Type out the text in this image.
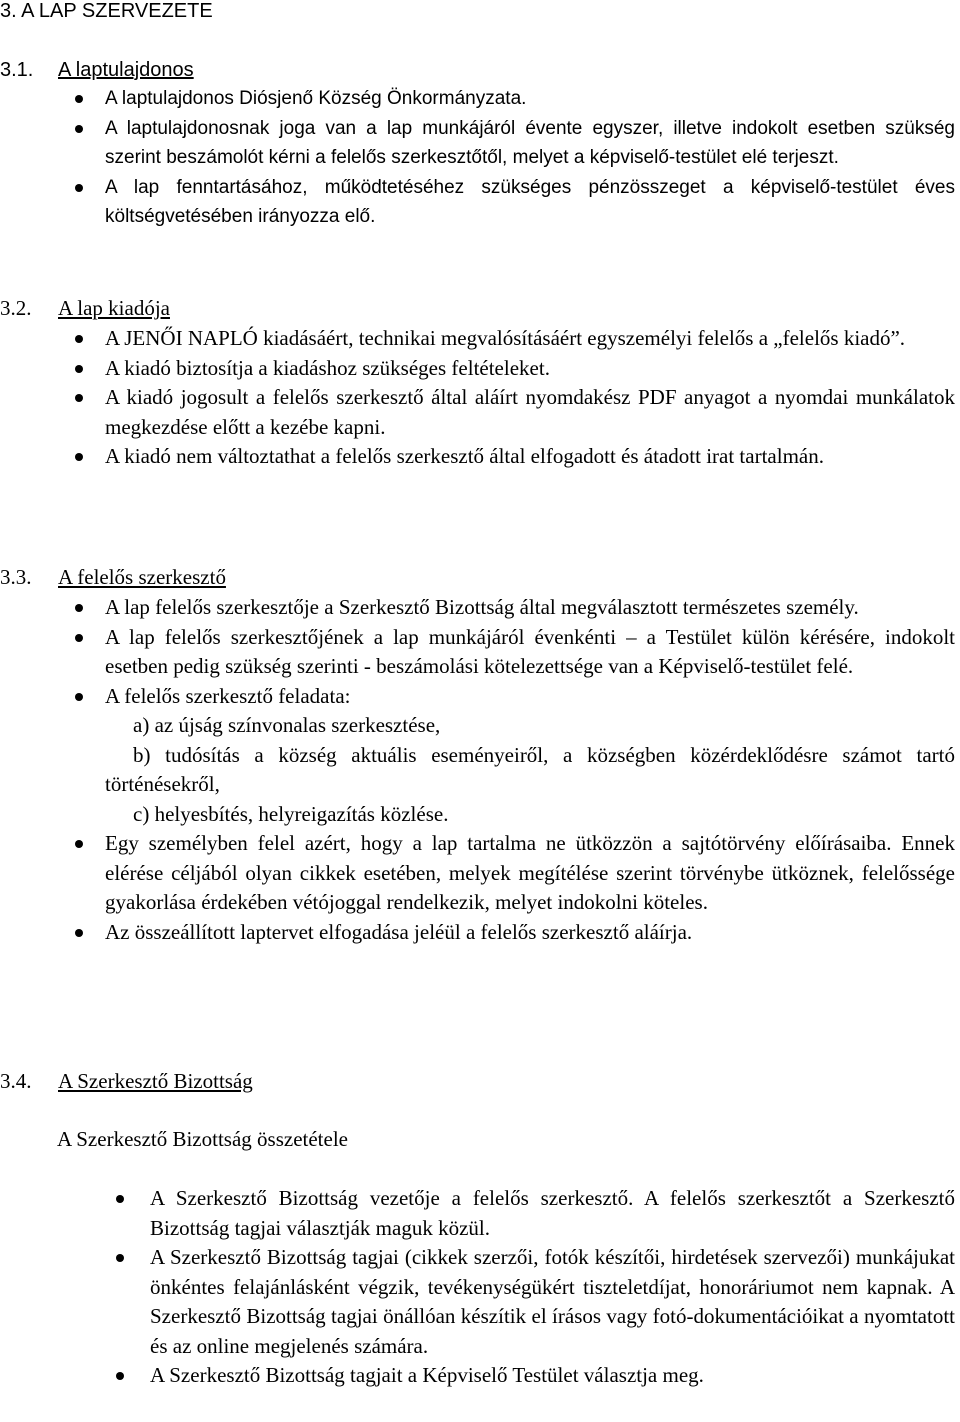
3. A LAP SZERVEZETE
3.1. A laptulajdonos
A laptulajdonos Diósjenő Község Önkormányzata.
A laptulajdonosnak joga van a lap munkájáról évente egyszer, illetve indokolt esetben szükség szerint beszámolót kérni a felelős szerkesztőtől, melyet a képviselő-testület elé terjeszt.
A lap fenntartásához, működtetéséhez szükséges pénzösszeget a képviselő-testület éves költségvetésében irányozza elő.
3.2. A lap kiadója
A JENŐI NAPLÓ kiadásáért, technikai megvalósításáért egyszemélyi felelős a „felelős kiadó”.
A kiadó biztosítja a kiadáshoz szükséges feltételeket.
A kiadó jogosult a felelős szerkesztő által aláírt nyomdakész PDF anyagot a nyomdai munkálatok megkezdése előtt a kezébe kapni.
A kiadó nem változtathat a felelős szerkesztő által elfogadott és átadott irat tartalmán.
3.3. A felelős szerkesztő
A lap felelős szerkesztője a Szerkesztő Bizottság által megválasztott természetes személy.
A lap felelős szerkesztőjének a lap munkájáról évenkénti – a Testület külön kérésére, indokolt esetben pedig szükség szerinti - beszámolási kötelezettsége van a Képviselő-testület felé.
A felelős szerkesztő feladata:
a) az újság színvonalas szerkesztése,
b) tudósítás a község aktuális eseményeiről, a községben közérdeklődésre számot tartó történésekről,
c) helyesbítés, helyreigazítás közlése.
Egy személyben felel azért, hogy a lap tartalma ne ütközzön a sajtótörvény előírásaiba. Ennek elérése céljából olyan cikkek esetében, melyek megítélése szerint törvénybe ütköznek, felelőssége gyakorlása érdekében vétójoggal rendelkezik, melyet indokolni köteles.
Az összeállított laptervet elfogadása jeléül a felelős szerkesztő aláírja.
3.4. A Szerkesztő Bizottság
A Szerkesztő Bizottság összetétele
A Szerkesztő Bizottság vezetője a felelős szerkesztő. A felelős szerkesztőt a Szerkesztő Bizottság tagjai választják maguk közül.
A Szerkesztő Bizottság tagjai (cikkek szerzői, fotók készítői, hirdetések szervezői) munkájukat önkéntes felajánlásként végzik, tevékenységükért tiszteletdíjat, honoráriumot nem kapnak. A Szerkesztő Bizottság tagjai önállóan készítik el írásos vagy fotó-dokumentációikat a nyomtatott és az online megjelenés számára.
A Szerkesztő Bizottság tagjait a Képviselő Testület választja meg.
